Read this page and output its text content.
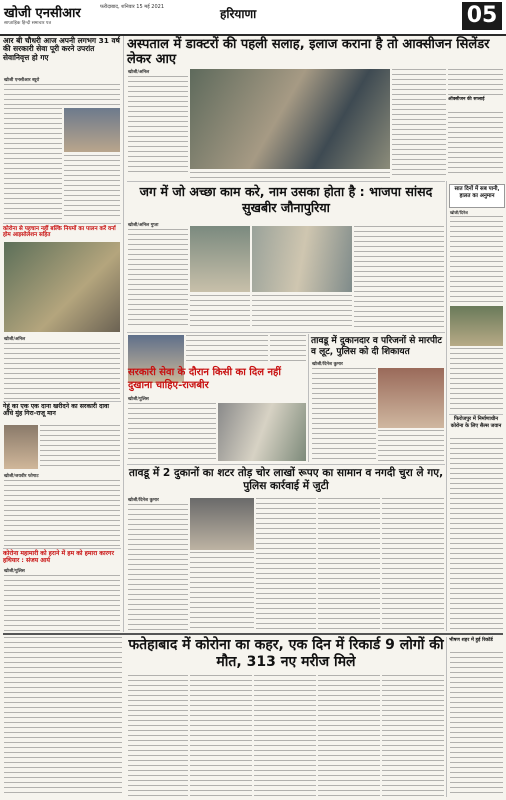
खोजी एनसीआर
साप्ताहिक हिन्दी समाचार पत्र
फरीदाबाद, शनिवार 15 मई 2021	हरियाणा	05
आर बी चौधरी आज अपनी लगभग 31 वर्ष की सरकारी सेवा पूरी करने उपरांत सेवानिवृत्त हो गए
खोजी एनसीआर ब्यूरो
कोरोना से पहचान नहीं बल्कि नियमों का पालन करें वर्ना होम आइसोलेशन सहित
खोजी/अनिल
गेहूं का एक एक दाना खरीदने का सरकारी दावा औंधे मुंह गिरा-राजू मान
खोजी/जयवीर फोगाट
कोरोना महामारी को हराने में हम को हमारा कारगर हथियार : संजय आर्य
खोजी/पुलिस
अस्पताल में डाक्टरों की पहली सलाह, इलाज कराना है तो आक्सीजन सिलेंडर लेकर आए
खोजी/अनिल
ऑक्सीजन की सप्लाई
जग में जो अच्छा काम करे, नाम उसका होता है : भाजपा सांसद सुखबीर जौनापुरिया
खोजी/अनिल गुप्ता
सात दिनों में सब पानी, हालत का अनुमान
खोजी/दिनेश
फिरोजपुर में निर्माणाधीन कोरोना के लिए सैल्स जवान
सरकारी सेवा के दौरान किसी का दिल नहीं दुखाना चाहिए-राजबीर
खोजी/पुलिस
तावडू में दुकानदार व परिजनों से मारपीट व लूट, पुलिस को दी शिकायत
खोजी/दिनेश कुमार
तावडू में 2 दुकानों का शटर तोड़ चोर लाखों रूपए का सामान व नगदी चुरा ले गए, पुलिस कार्रवाई में जुटी
खोजी/दिनेश कुमार
फतेहाबाद में कोरोना का कहर, एक दिन में रिकार्ड 9 लोगों की मौत, 313 नए मरीज मिले
भीषण शहर में हुई रिकॉर्ड
